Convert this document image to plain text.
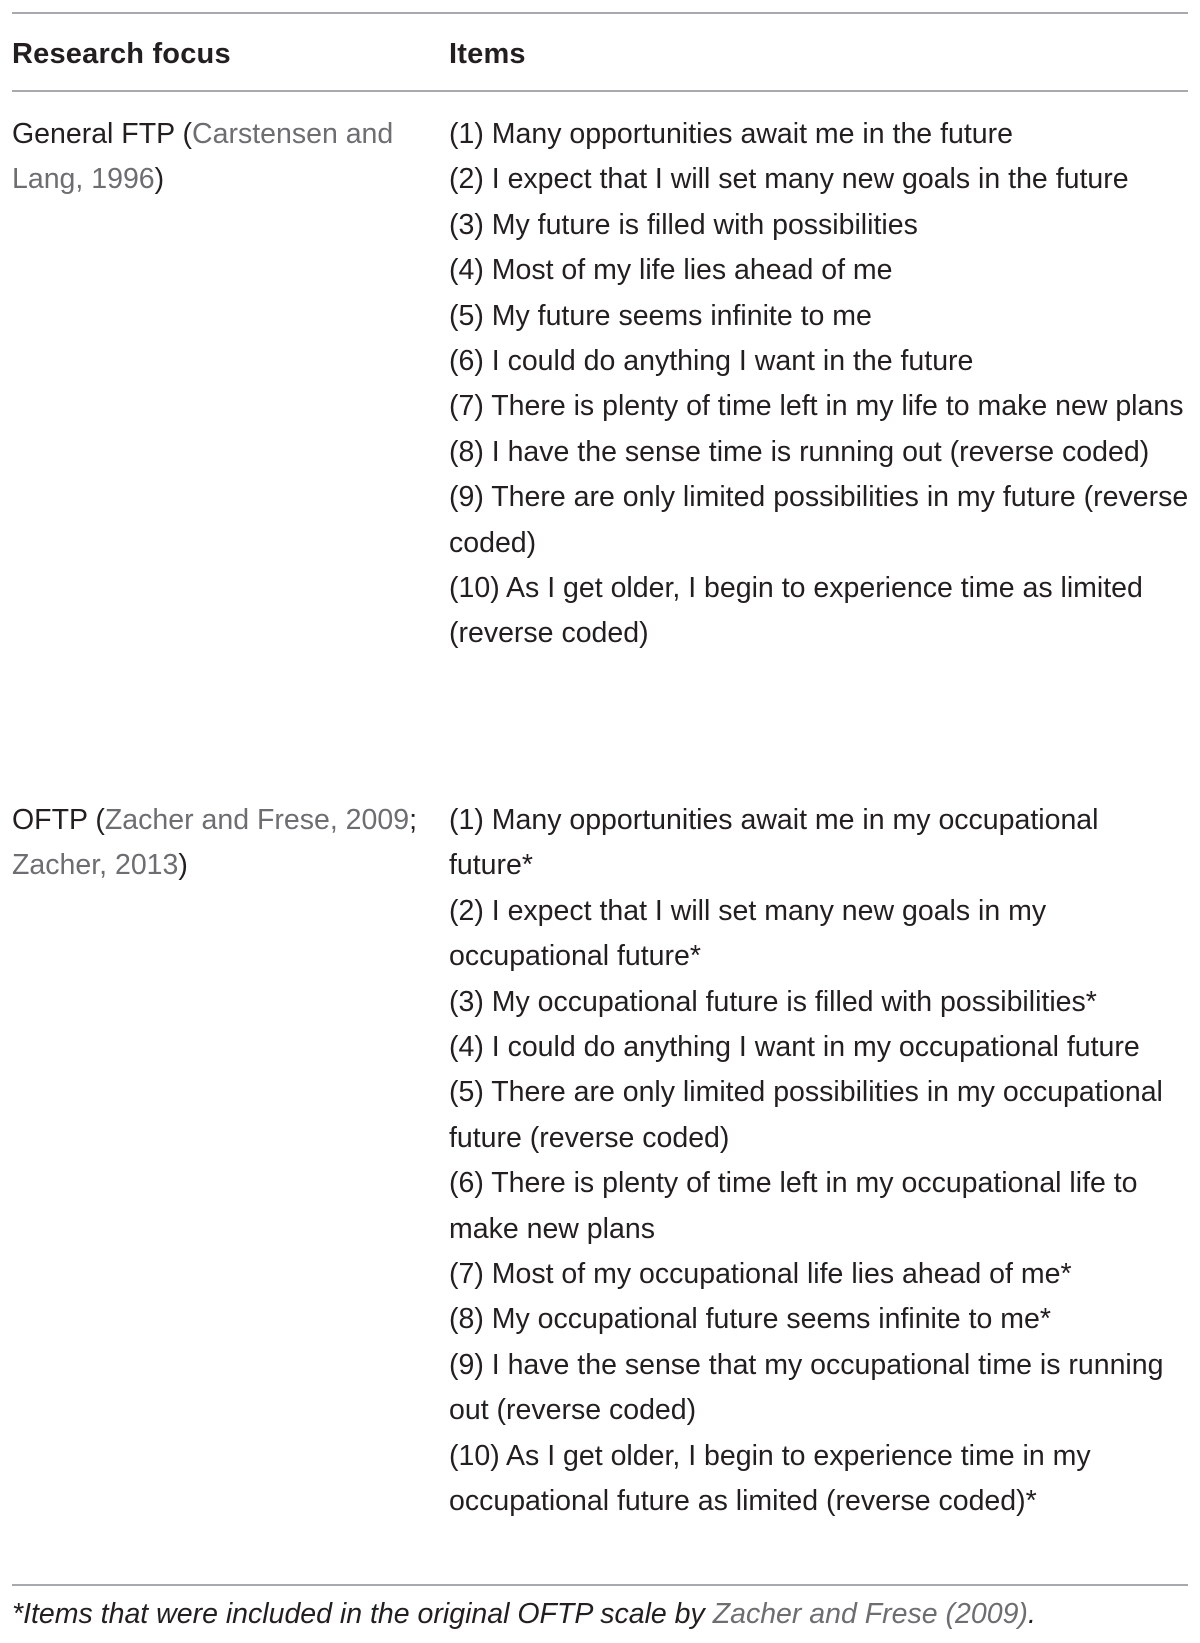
Research focus	Items
General FTP (Carstensen and Lang, 1996)
(1) Many opportunities await me in the future
(2) I expect that I will set many new goals in the future
(3) My future is filled with possibilities
(4) Most of my life lies ahead of me
(5) My future seems infinite to me
(6) I could do anything I want in the future
(7) There is plenty of time left in my life to make new plans
(8) I have the sense time is running out (reverse coded)
(9) There are only limited possibilities in my future (reverse coded)
(10) As I get older, I begin to experience time as limited (reverse coded)
OFTP (Zacher and Frese, 2009; Zacher, 2013)
(1) Many opportunities await me in my occupational future*
(2) I expect that I will set many new goals in my occupational future*
(3) My occupational future is filled with possibilities*
(4) I could do anything I want in my occupational future
(5) There are only limited possibilities in my occupational future (reverse coded)
(6) There is plenty of time left in my occupational life to make new plans
(7) Most of my occupational life lies ahead of me*
(8) My occupational future seems infinite to me*
(9) I have the sense that my occupational time is running out (reverse coded)
(10) As I get older, I begin to experience time in my occupational future as limited (reverse coded)*
*Items that were included in the original OFTP scale by Zacher and Frese (2009).
